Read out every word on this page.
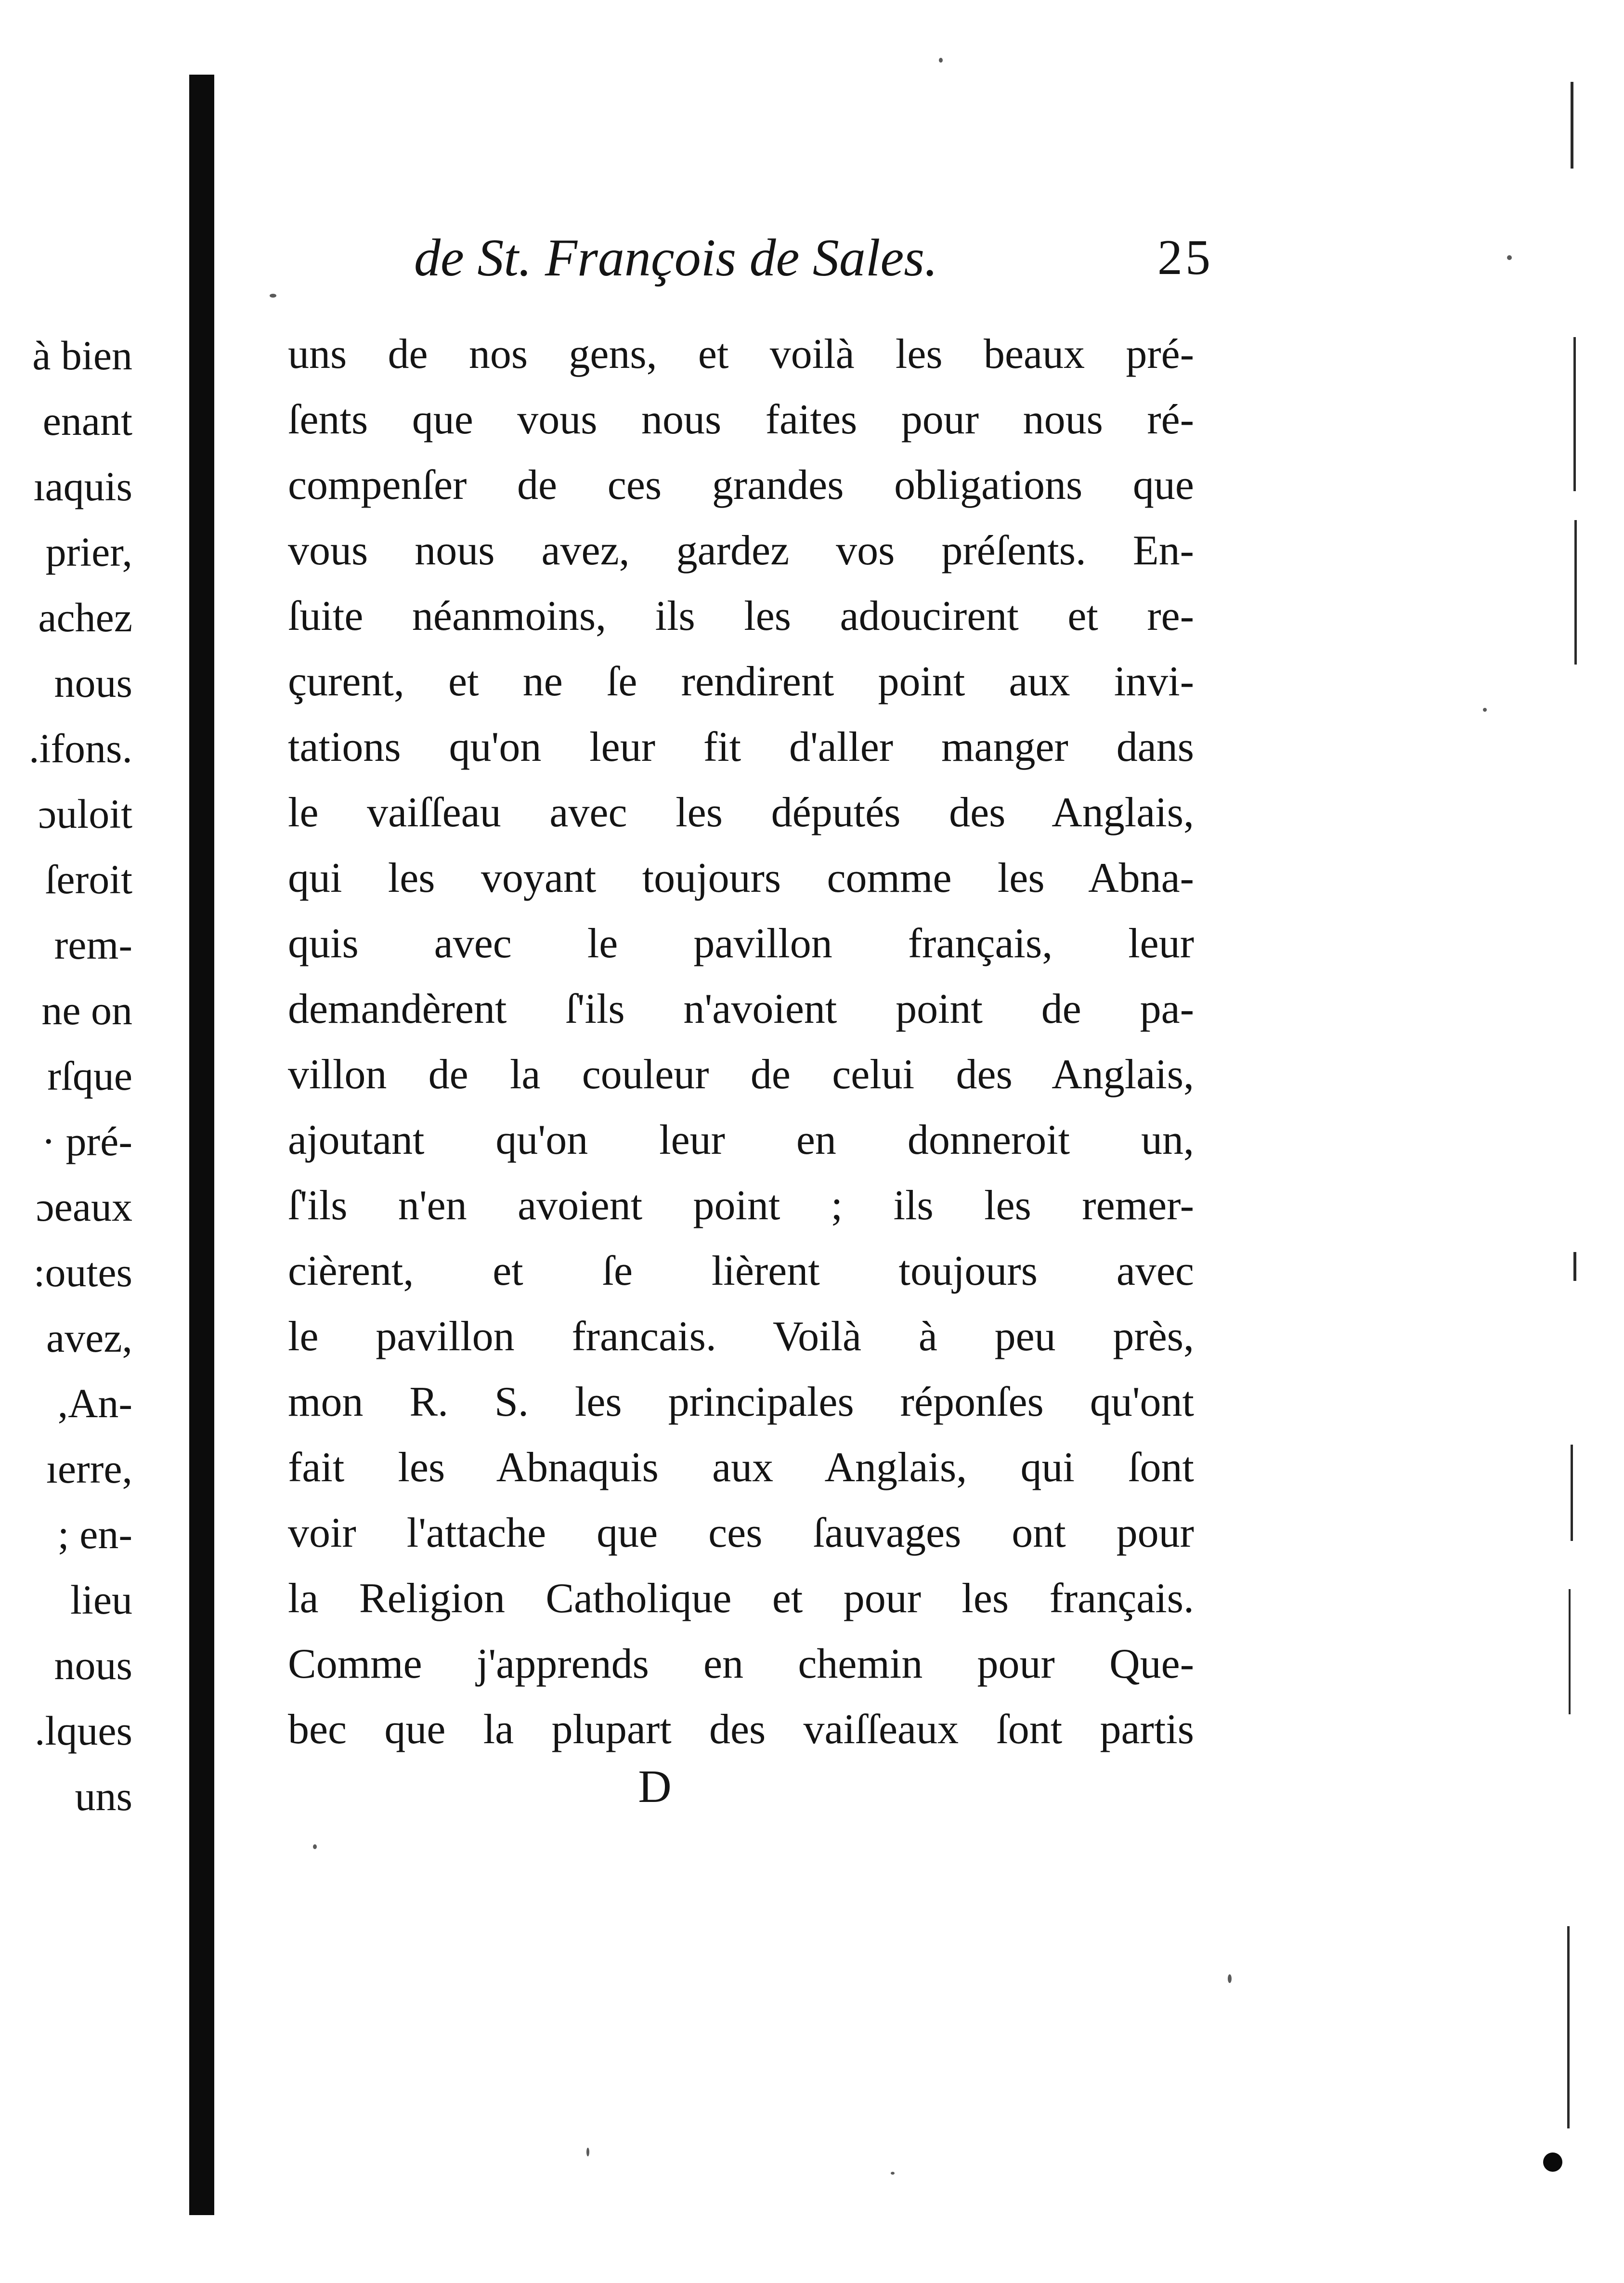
à bien
enant
ıaquis
prier,
achez
nous
.ifons.
ɔuloit
ſeroit
rem-
ne on
rſque
· pré-
ɔeaux
:outes
avez,
,An-
ıerre,
; en-
lieu
nous
.lques
uns
de St. François de Sales.	25
uns de nos gens, et voilà les beaux pré-
ſents que vous nous faites pour nous ré-
compenſer de ces grandes obligations que
vous nous avez, gardez vos préſents. En-
ſuite néanmoins, ils les adoucirent et re-
çurent, et ne ſe rendirent point aux invi-
tations qu'on leur fit d'aller manger dans
le vaiſſeau avec les députés des Anglais,
qui les voyant toujours comme les Abna-
quis avec le pavillon français, leur
demandèrent ſ'ils n'avoient point de pa-
villon de la couleur de celui des Anglais,
ajoutant qu'on leur en donneroit un,
ſ'ils n'en avoient point ; ils les remer-
cièrent, et ſe lièrent toujours avec
le pavillon francais. Voilà à peu près,
mon R. S. les principales réponſes qu'ont
fait les Abnaquis aux Anglais, qui ſont
voir l'attache que ces ſauvages ont pour
la Religion Catholique et pour les français.
Comme j'apprends en chemin pour Que-
bec que la plupart des vaiſſeaux ſont partis
D
